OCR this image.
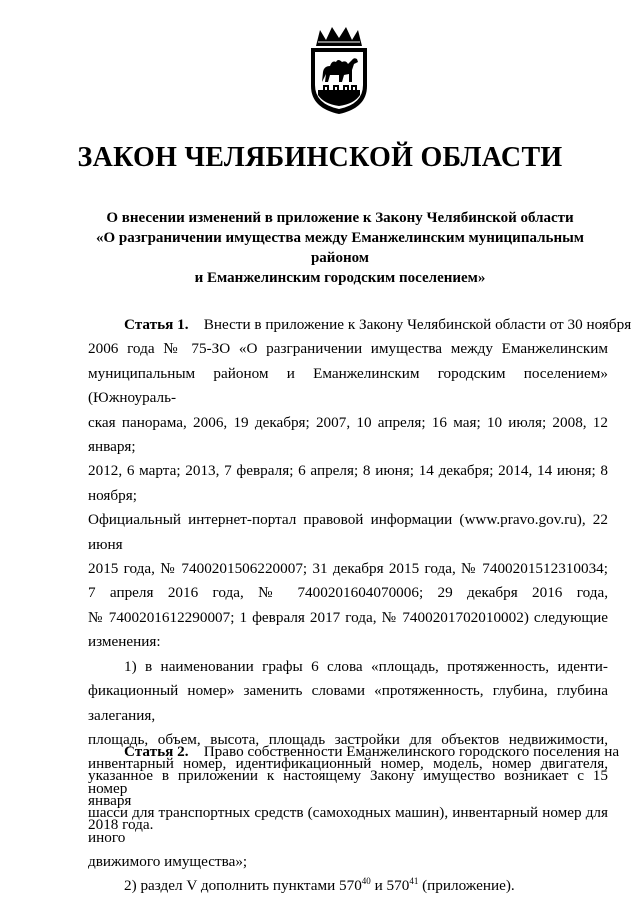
ЗАКОН ЧЕЛЯБИНСКОЙ ОБЛАСТИ
О внесении изменений в приложение к Закону Челябинской области
«О разграничении имущества между Еманжелинским муниципальным районом
и Еманжелинским городским поселением»
Статья 1. Внести в приложение к Закону Челябинской области от 30 ноября
2006 года № 75-ЗО «О разграничении имущества между Еманжелинским
муниципальным районом и Еманжелинским городским поселением» (Южноураль-
ская панорама, 2006, 19 декабря; 2007, 10 апреля; 16 мая; 10 июля; 2008, 12 января;
2012, 6 марта; 2013, 7 февраля; 6 апреля; 8 июня; 14 декабря; 2014, 14 июня; 8 ноября;
Официальный интернет-портал правовой информации (www.pravo.gov.ru), 22 июня
2015 года, № 7400201506220007; 31 декабря 2015 года, № 7400201512310034;
7 апреля 2016 года, № 7400201604070006; 29 декабря 2016 года,
№ 7400201612290007; 1 февраля 2017 года, № 7400201702010002) следующие
изменения:
1) в наименовании графы 6 слова «площадь, протяженность, иденти-
фикационный номер» заменить словами «протяженность, глубина, глубина залегания,
площадь, объем, высота, площадь застройки для объектов недвижимости,
инвентарный номер, идентификационный номер, модель, номер двигателя, номер
шасси для транспортных средств (самоходных машин), инвентарный номер для иного
движимого имущества»;
2) раздел V дополнить пунктами $570^{40}$ и $570^{41}$ (приложение).
Статья 2. Право собственности Еманжелинского городского поселения на
указанное в приложении к настоящему Закону имущество возникает с 15 января
2018 года.
